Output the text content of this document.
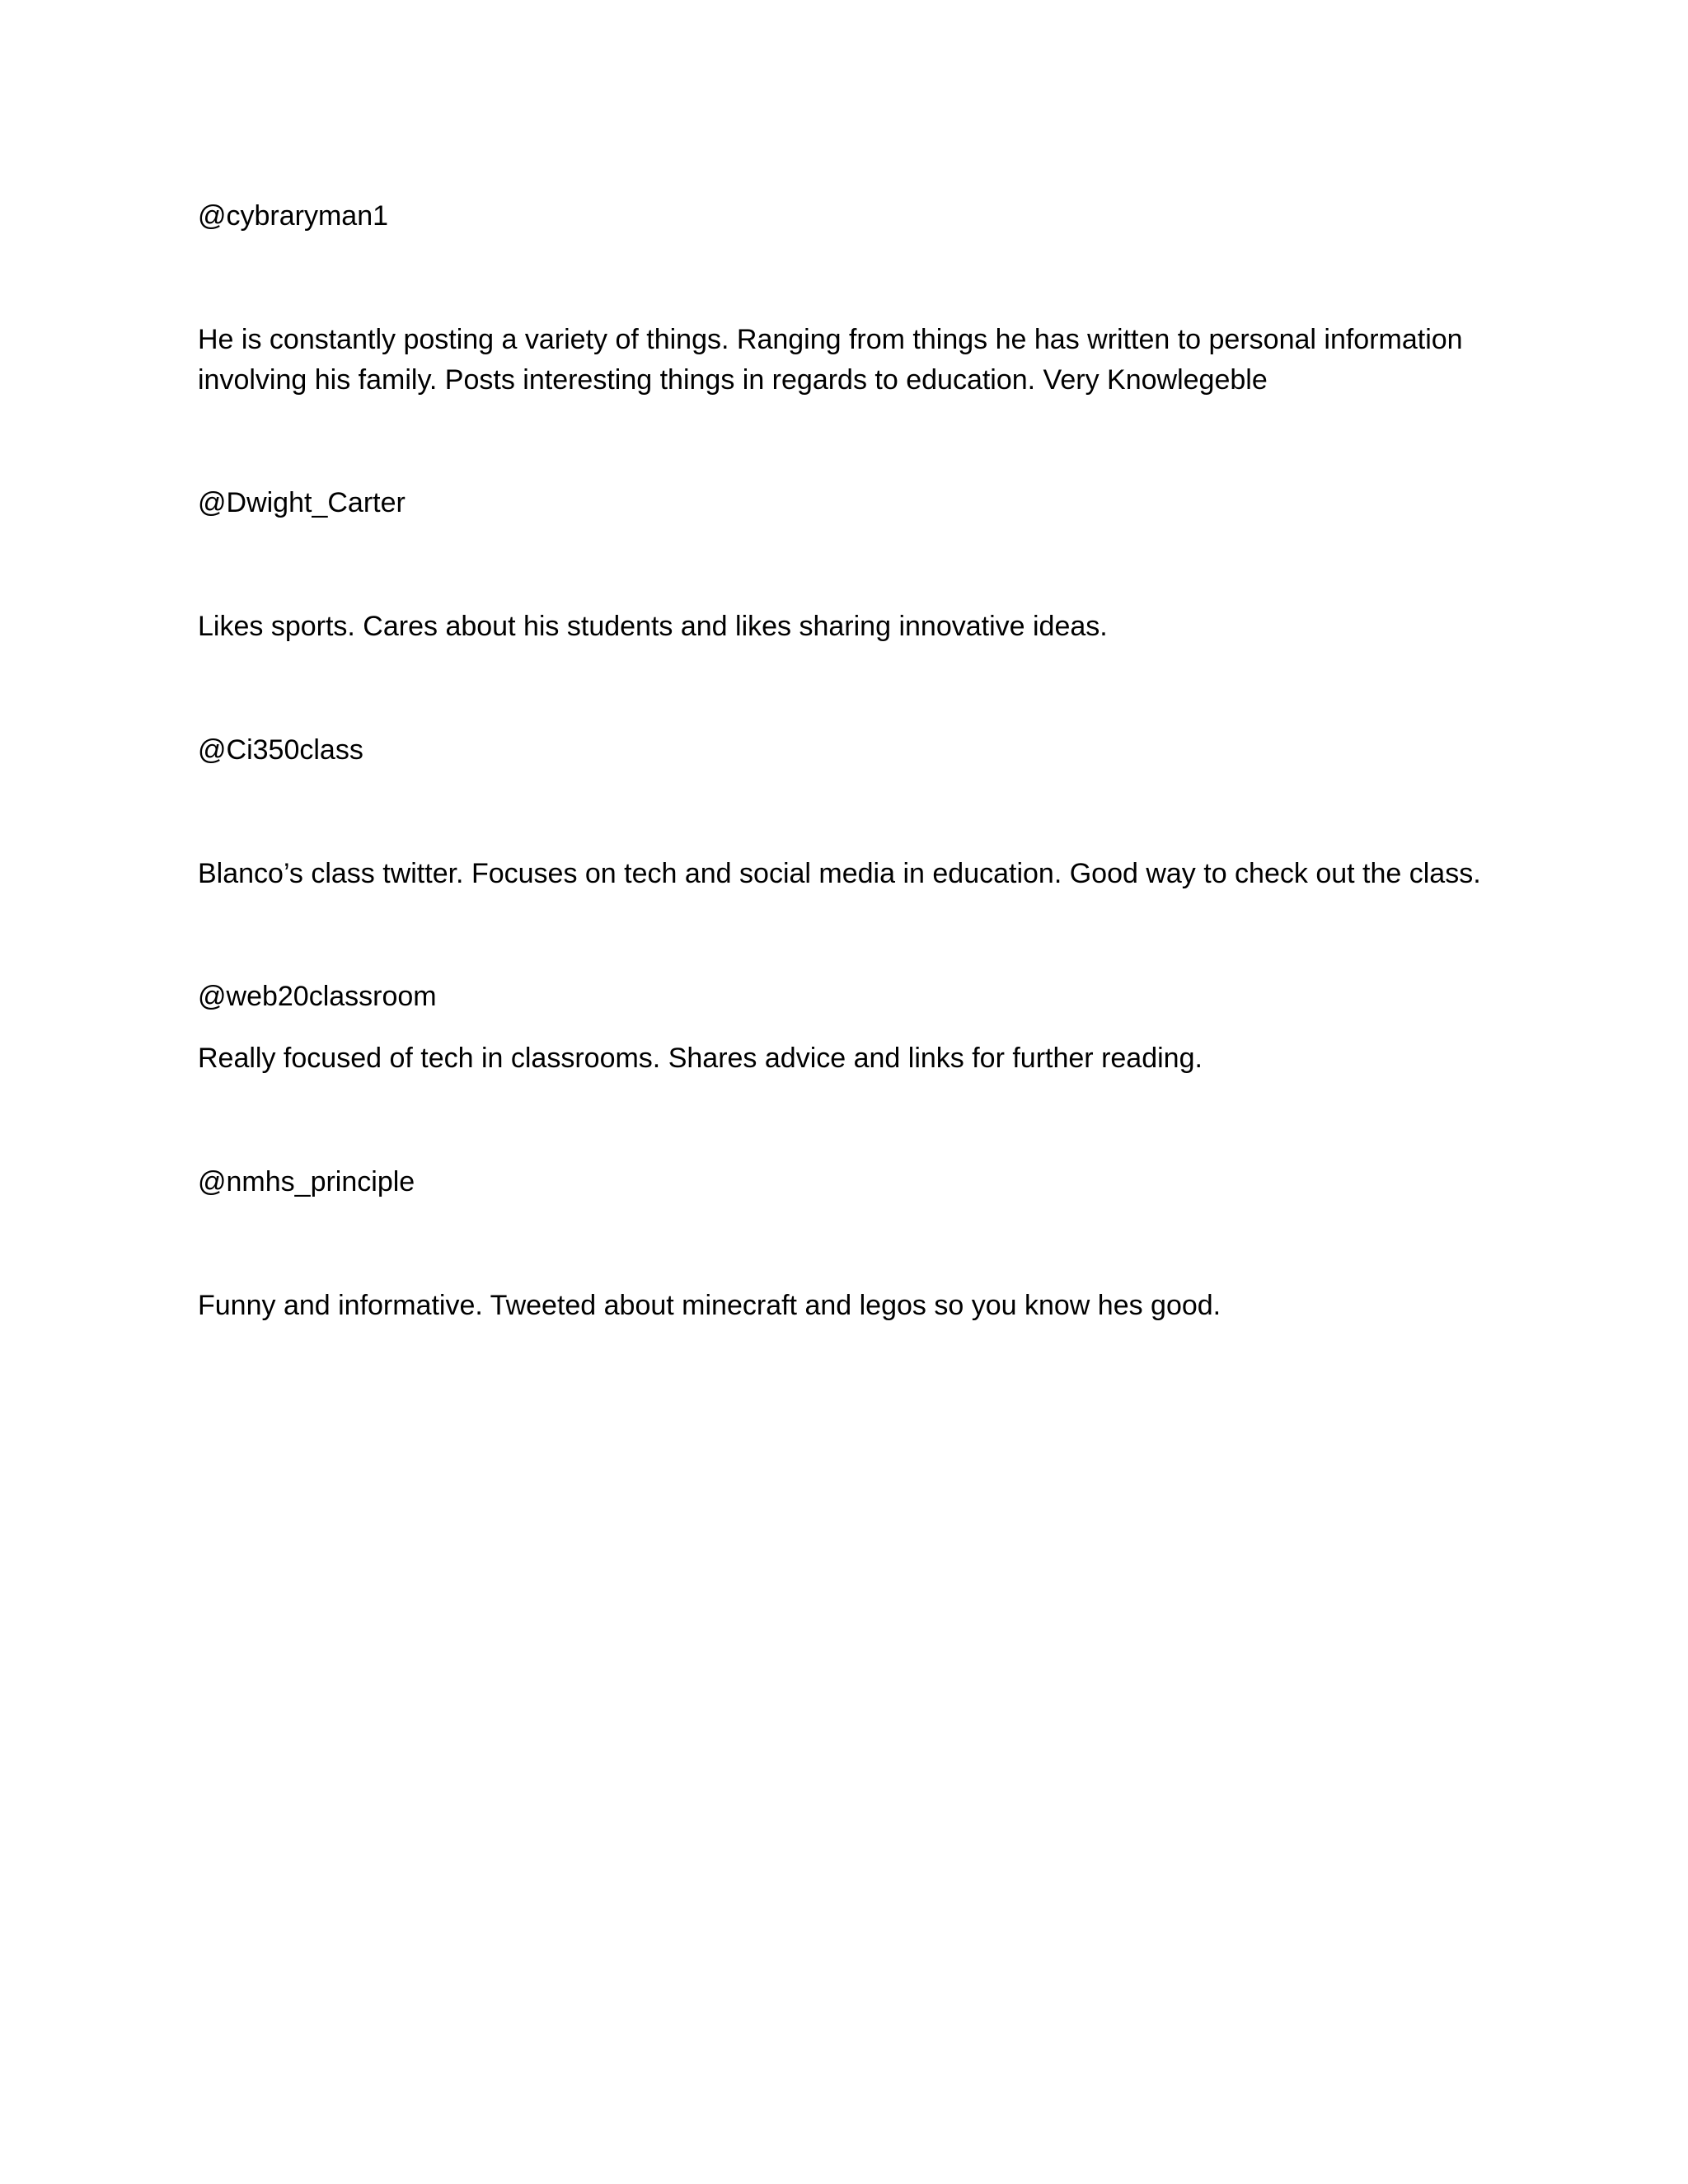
@cybraryman1

He is constantly posting a variety of things. Ranging from things he has written to personal information involving his family. Posts interesting things in regards to education. Very Knowlegeble

@Dwight_Carter

Likes sports. Cares about his students and likes sharing innovative ideas.

@Ci350class

Blanco’s class twitter. Focuses on tech and social media in education. Good way to check out the class.

@web20classroom

Really focused of tech in classrooms. Shares advice and links for further reading.

@nmhs_principle

Funny and informative. Tweeted about minecraft and legos so you know hes good.
